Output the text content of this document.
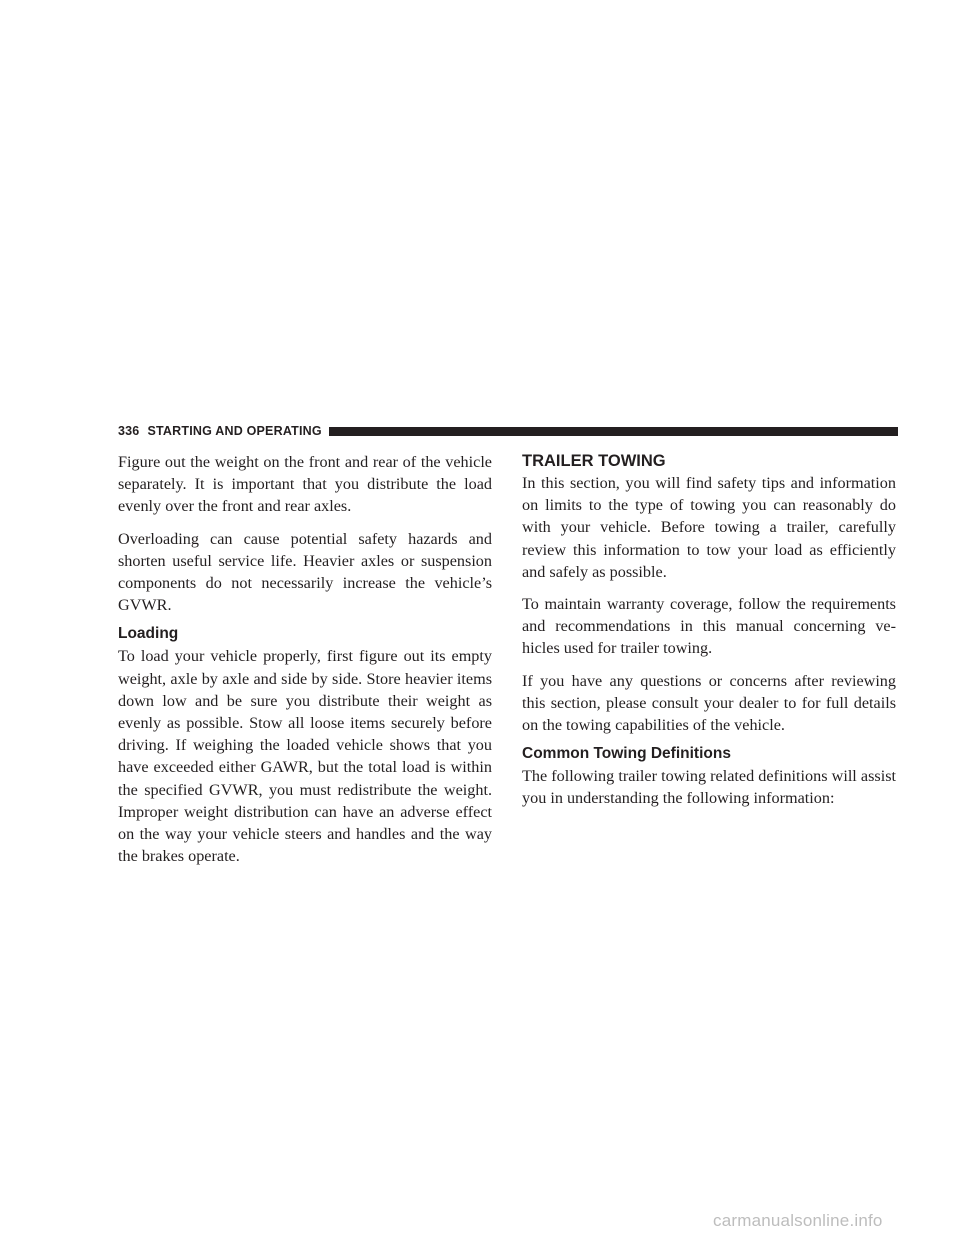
336 STARTING AND OPERATING

Figure out the weight on the front and rear of the vehicle separately. It is important that you distribute the load evenly over the front and rear axles.

Overloading can cause potential safety hazards and shorten useful service life. Heavier axles or suspension components do not necessarily increase the vehicle’s GVWR.

Loading

To load your vehicle properly, first figure out its empty weight, axle by axle and side by side. Store heavier items down low and be sure you distribute their weight as evenly as possible. Stow all loose items securely before driving. If weighing the loaded vehicle shows that you have exceeded either GAWR, but the total load is within the specified GVWR, you must redistribute the weight. Improper weight distribution can have an adverse effect on the way your vehicle steers and handles and the way the brakes operate.

TRAILER TOWING

In this section, you will find safety tips and information on limits to the type of towing you can reasonably do with your vehicle. Before towing a trailer, carefully review this information to tow your load as efficiently and safely as possible.

To maintain warranty coverage, follow the requirements and recommendations in this manual concerning ve-hicles used for trailer towing.

If you have any questions or concerns after reviewing this section, please consult your dealer to for full details on the towing capabilities of the vehicle.

Common Towing Definitions

The following trailer towing related definitions will assist you in understanding the following information:

carmanualsonline.info
